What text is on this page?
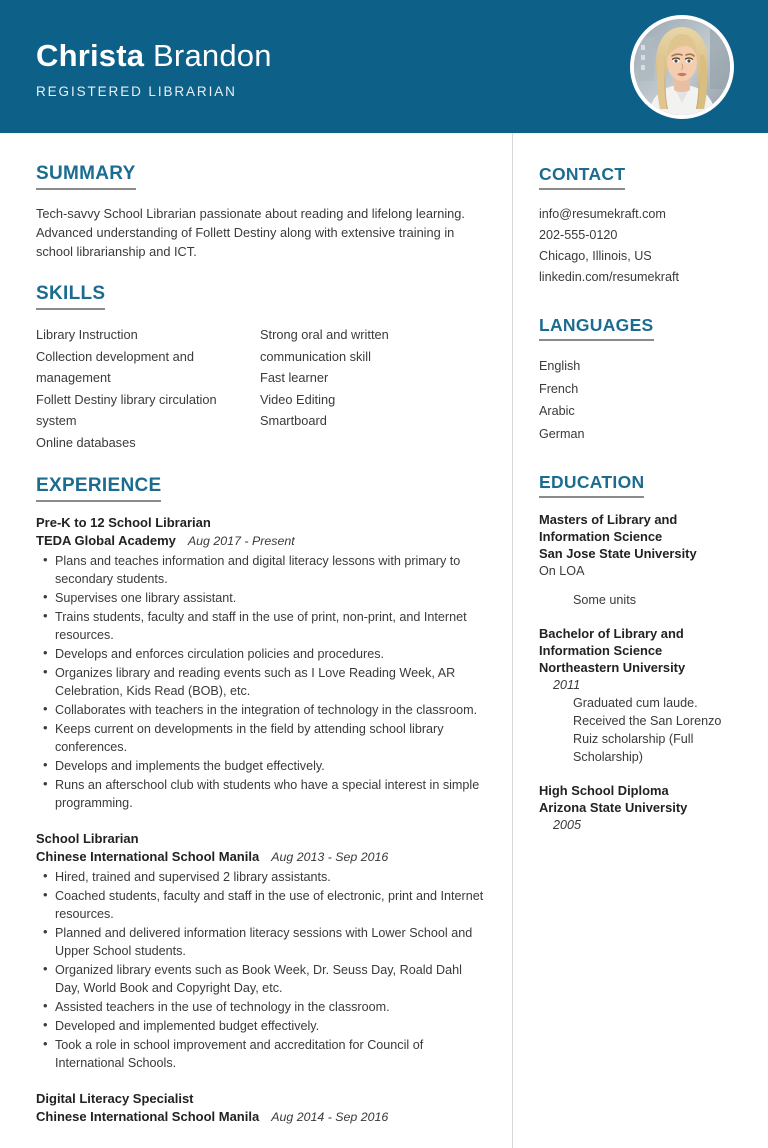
Christa Brandon
REGISTERED LIBRARIAN
SUMMARY

Tech-savvy School Librarian passionate about reading and lifelong learning. Advanced understanding of Follett Destiny along with extensive training in school librarianship and ICT.

SKILLS
Library Instruction
Collection development and management
Follett Destiny library circulation system
Online databases
Strong oral and written communication skill
Fast learner
Video Editing
Smartboard
EXPERIENCE
Pre-K to 12 School Librarian
TEDA Global Academy Aug 2017 - Present
• Plans and teaches information and digital literacy lessons with primary to secondary students.
• Supervises one library assistant.
• Trains students, faculty and staff in the use of print, non-print, and Internet resources.
• Develops and enforces circulation policies and procedures.
• Organizes library and reading events such as I Love Reading Week, AR Celebration, Kids Read (BOB), etc.
• Collaborates with teachers in the integration of technology in the classroom.
• Keeps current on developments in the field by attending school library conferences.
• Develops and implements the budget effectively.
• Runs an afterschool club with students who have a special interest in simple programming.
School Librarian
Chinese International School Manila Aug 2013 - Sep 2016
• Hired, trained and supervised 2 library assistants.
• Coached students, faculty and staff in the use of electronic, print and Internet resources.
• Planned and delivered information literacy sessions with Lower School and Upper School students.
• Organized library events such as Book Week, Dr. Seuss Day, Roald Dahl Day, World Book and Copyright Day, etc.
• Assisted teachers in the use of technology in the classroom.
• Developed and implemented budget effectively.
• Took a role in school improvement and accreditation for Council of International Schools.
Digital Literacy Specialist
Chinese International School Manila Aug 2014 - Sep 2016
CONTACT
info@resumekraft.com
202-555-0120
Chicago, Illinois, US
linkedin.com/resumekraft
LANGUAGES
English
French
Arabic
German
EDUCATION
Masters of Library and
Information Science
San Jose State University
On LOA
Some units
Bachelor of Library and
Information Science
Northeastern University
2011
Graduated cum laude.
Received the San Lorenzo Ruiz scholarship (Full Scholarship)
High School Diploma
Arizona State University
2005
